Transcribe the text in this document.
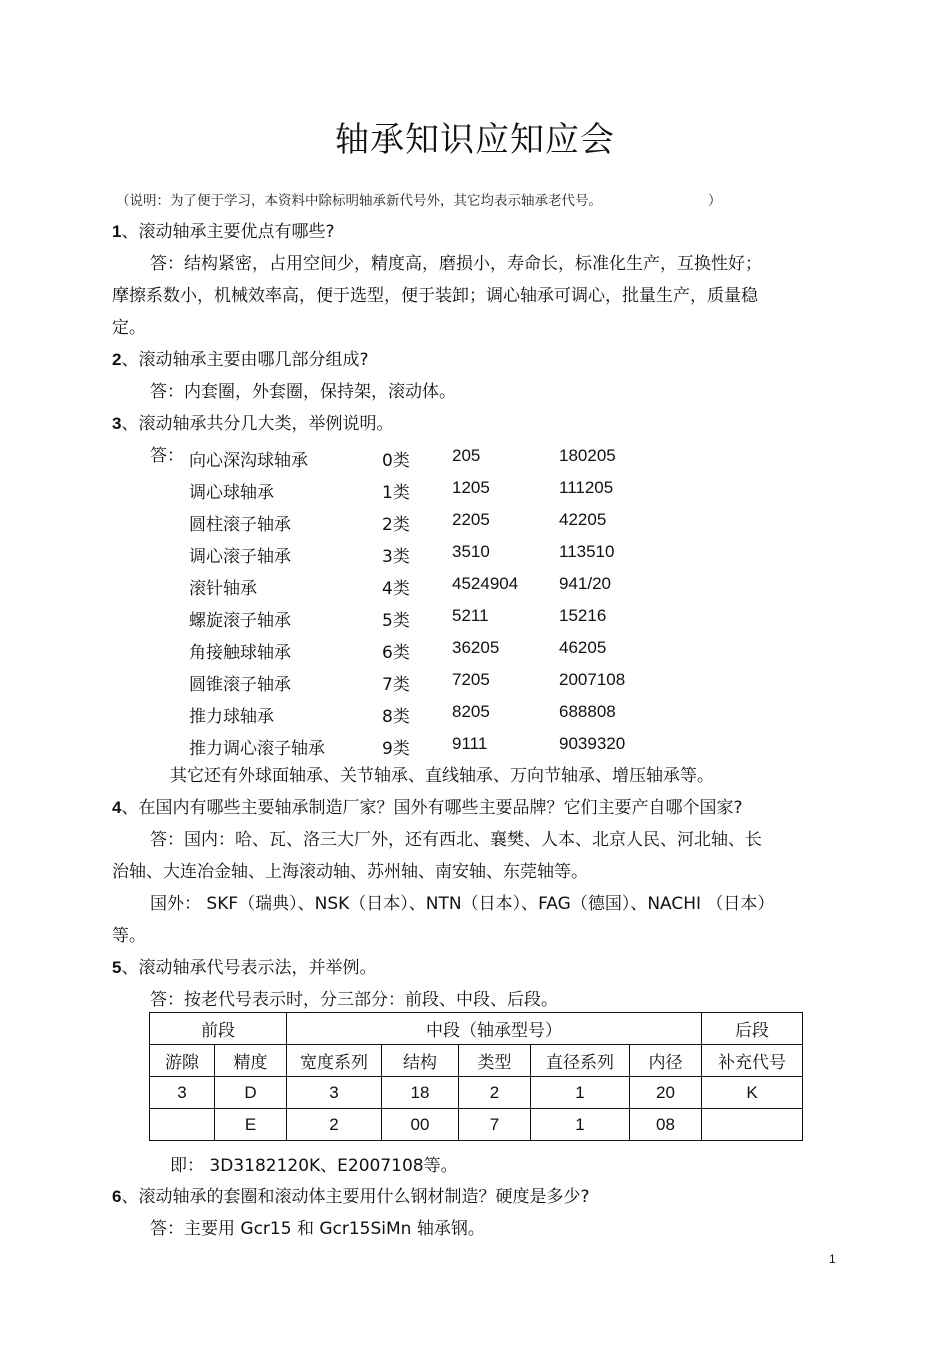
轴承知识应知应会
（说明：为了便于学习，本资料中除标明轴承新代号外，其它均表示轴承老代号。	）
1、滚动轴承主要优点有哪些?
答：结构紧密，占用空间少，精度高，磨损小，寿命长，标准化生产，互换性好；
摩擦系数小，机械效率高，便于选型，便于装卸；调心轴承可调心，批量生产，质量稳
定。
2、滚动轴承主要由哪几部分组成?
答：内套圈，外套圈，保持架，滚动体。
3、滚动轴承共分几大类，举例说明。
答： 向心深沟球轴承	0类 205	180205
调心球轴承	1类 1205	111205
圆柱滚子轴承	2类 2205	42205
调心滚子轴承	3类 3510	113510
滚针轴承	4类 4524904 941/20
螺旋滚子轴承	5类 5211	15216
角接触球轴承	6类 36205	46205
圆锥滚子轴承	7类 7205	2007108
推力球轴承	8类 8205	688808
推力调心滚子轴承	9类 9111	9039320
其它还有外球面轴承、关节轴承、直线轴承、万向节轴承、增压轴承等。
4、在国内有哪些主要轴承制造厂家？国外有哪些主要品牌？它们主要产自哪个国家?
答：国内：哈、瓦、洛三大厂外，还有西北、襄樊、人本、北京人民、河北轴、长
治轴、大连冶金轴、上海滚动轴、苏州轴、南安轴、东莞轴等。
国外： SKF（瑞典）、NSK（日本）、NTN（日本）、FAG（德国）、NACHI （日本）
等。
5、滚动轴承代号表示法，并举例。
答：按老代号表示时，分三部分：前段、中段、后段。
前段		中段（轴承型号）					后段
游隙	精度	宽度系列	结构	类型	直径系列	内径	补充代号
3	D	3	18	2	1	20	K
	E	2	00	7	1	08	
即： 3D3182120K、E2007108等。
6、滚动轴承的套圈和滚动体主要用什么钢材制造？硬度是多少?
答：主要用 Gcr15 和 Gcr15SiMn 轴承钢。
1
